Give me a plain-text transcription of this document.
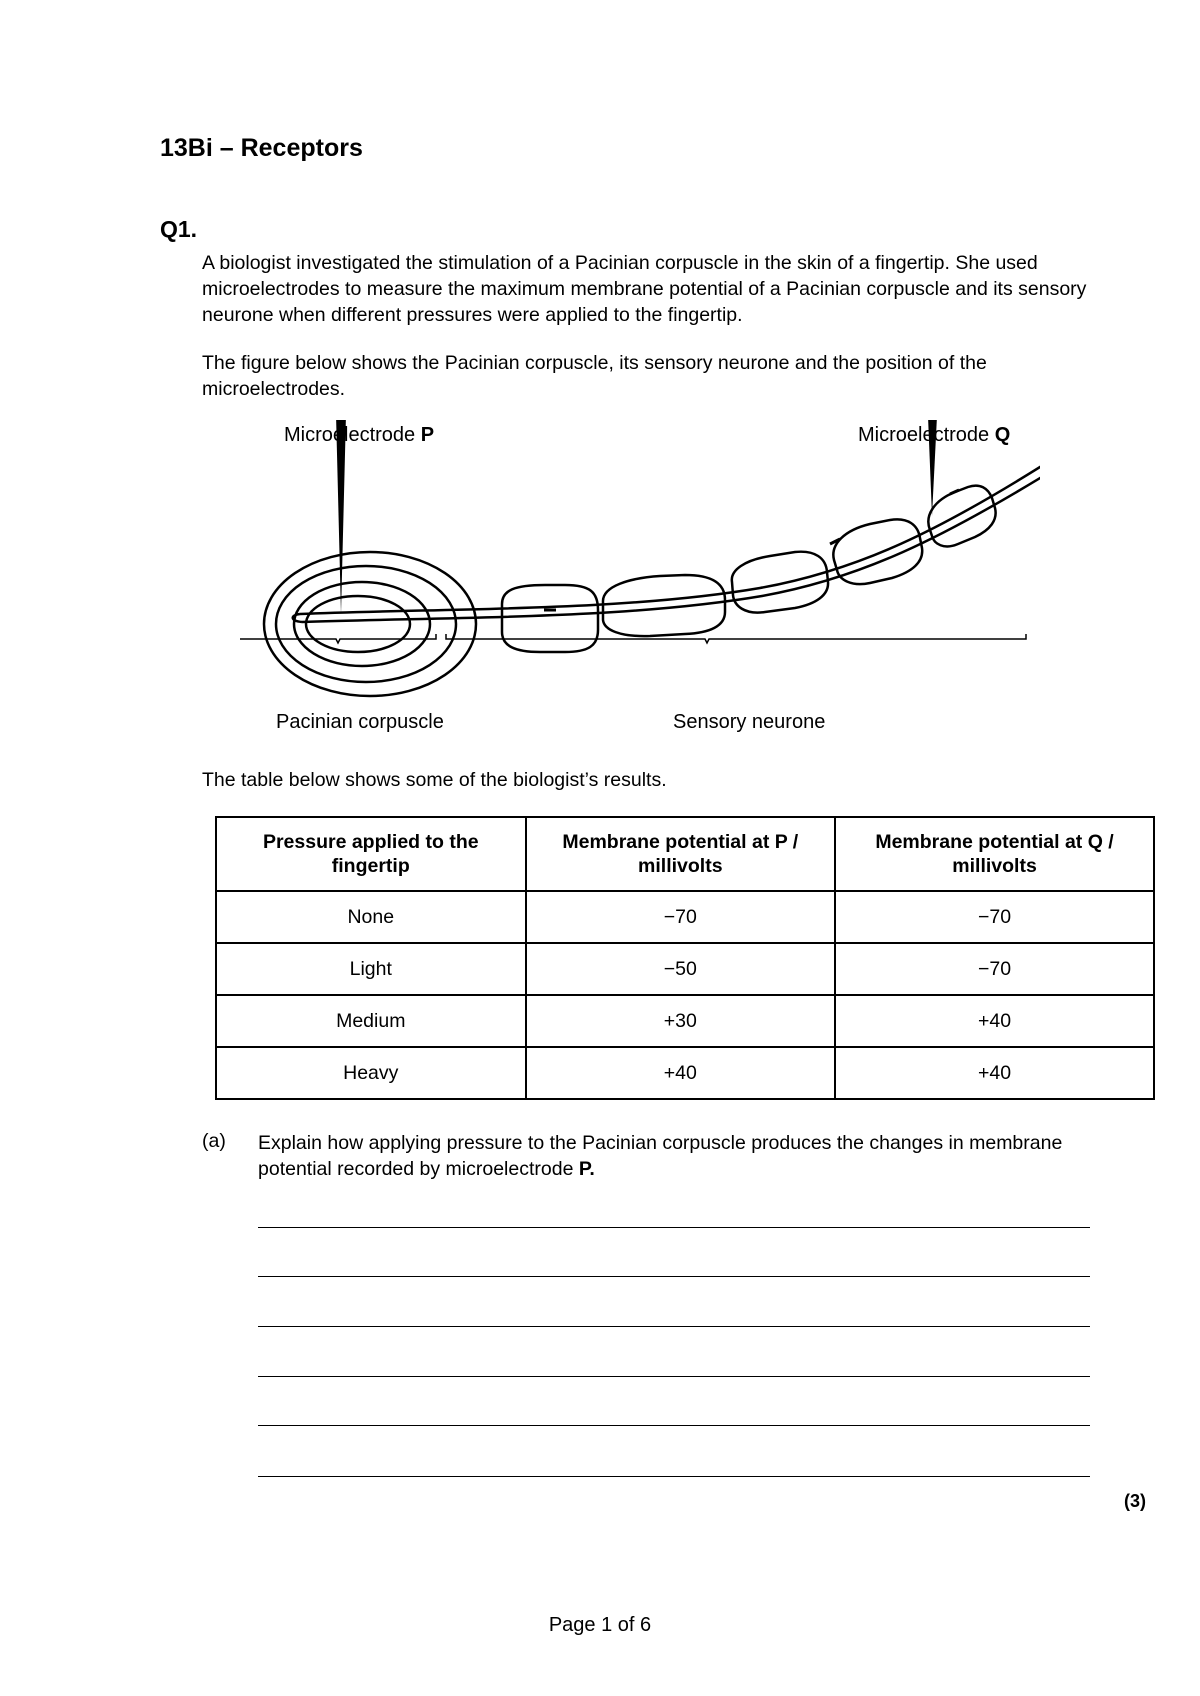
13Bi – Receptors
Q1.
A biologist investigated the stimulation of a Pacinian corpuscle in the skin of a fingertip. She used microelectrodes to measure the maximum membrane potential of a Pacinian corpuscle and its sensory neurone when different pressures were applied to the fingertip.
The figure below shows the Pacinian corpuscle, its sensory neurone and the position of the microelectrodes.
Microelectrode P	Microelectrode Q
Pacinian corpuscle	Sensory neurone
The table below shows some of the biologist’s results.
Pressure applied to the fingertip	Membrane potential at P / millivolts	Membrane potential at Q / millivolts
None	−70	−70
Light	−50	−70
Medium	+30	+40
Heavy	+40	+40
(a) Explain how applying pressure to the Pacinian corpuscle produces the changes in membrane potential recorded by microelectrode P.
(3)
Page 1 of 6
